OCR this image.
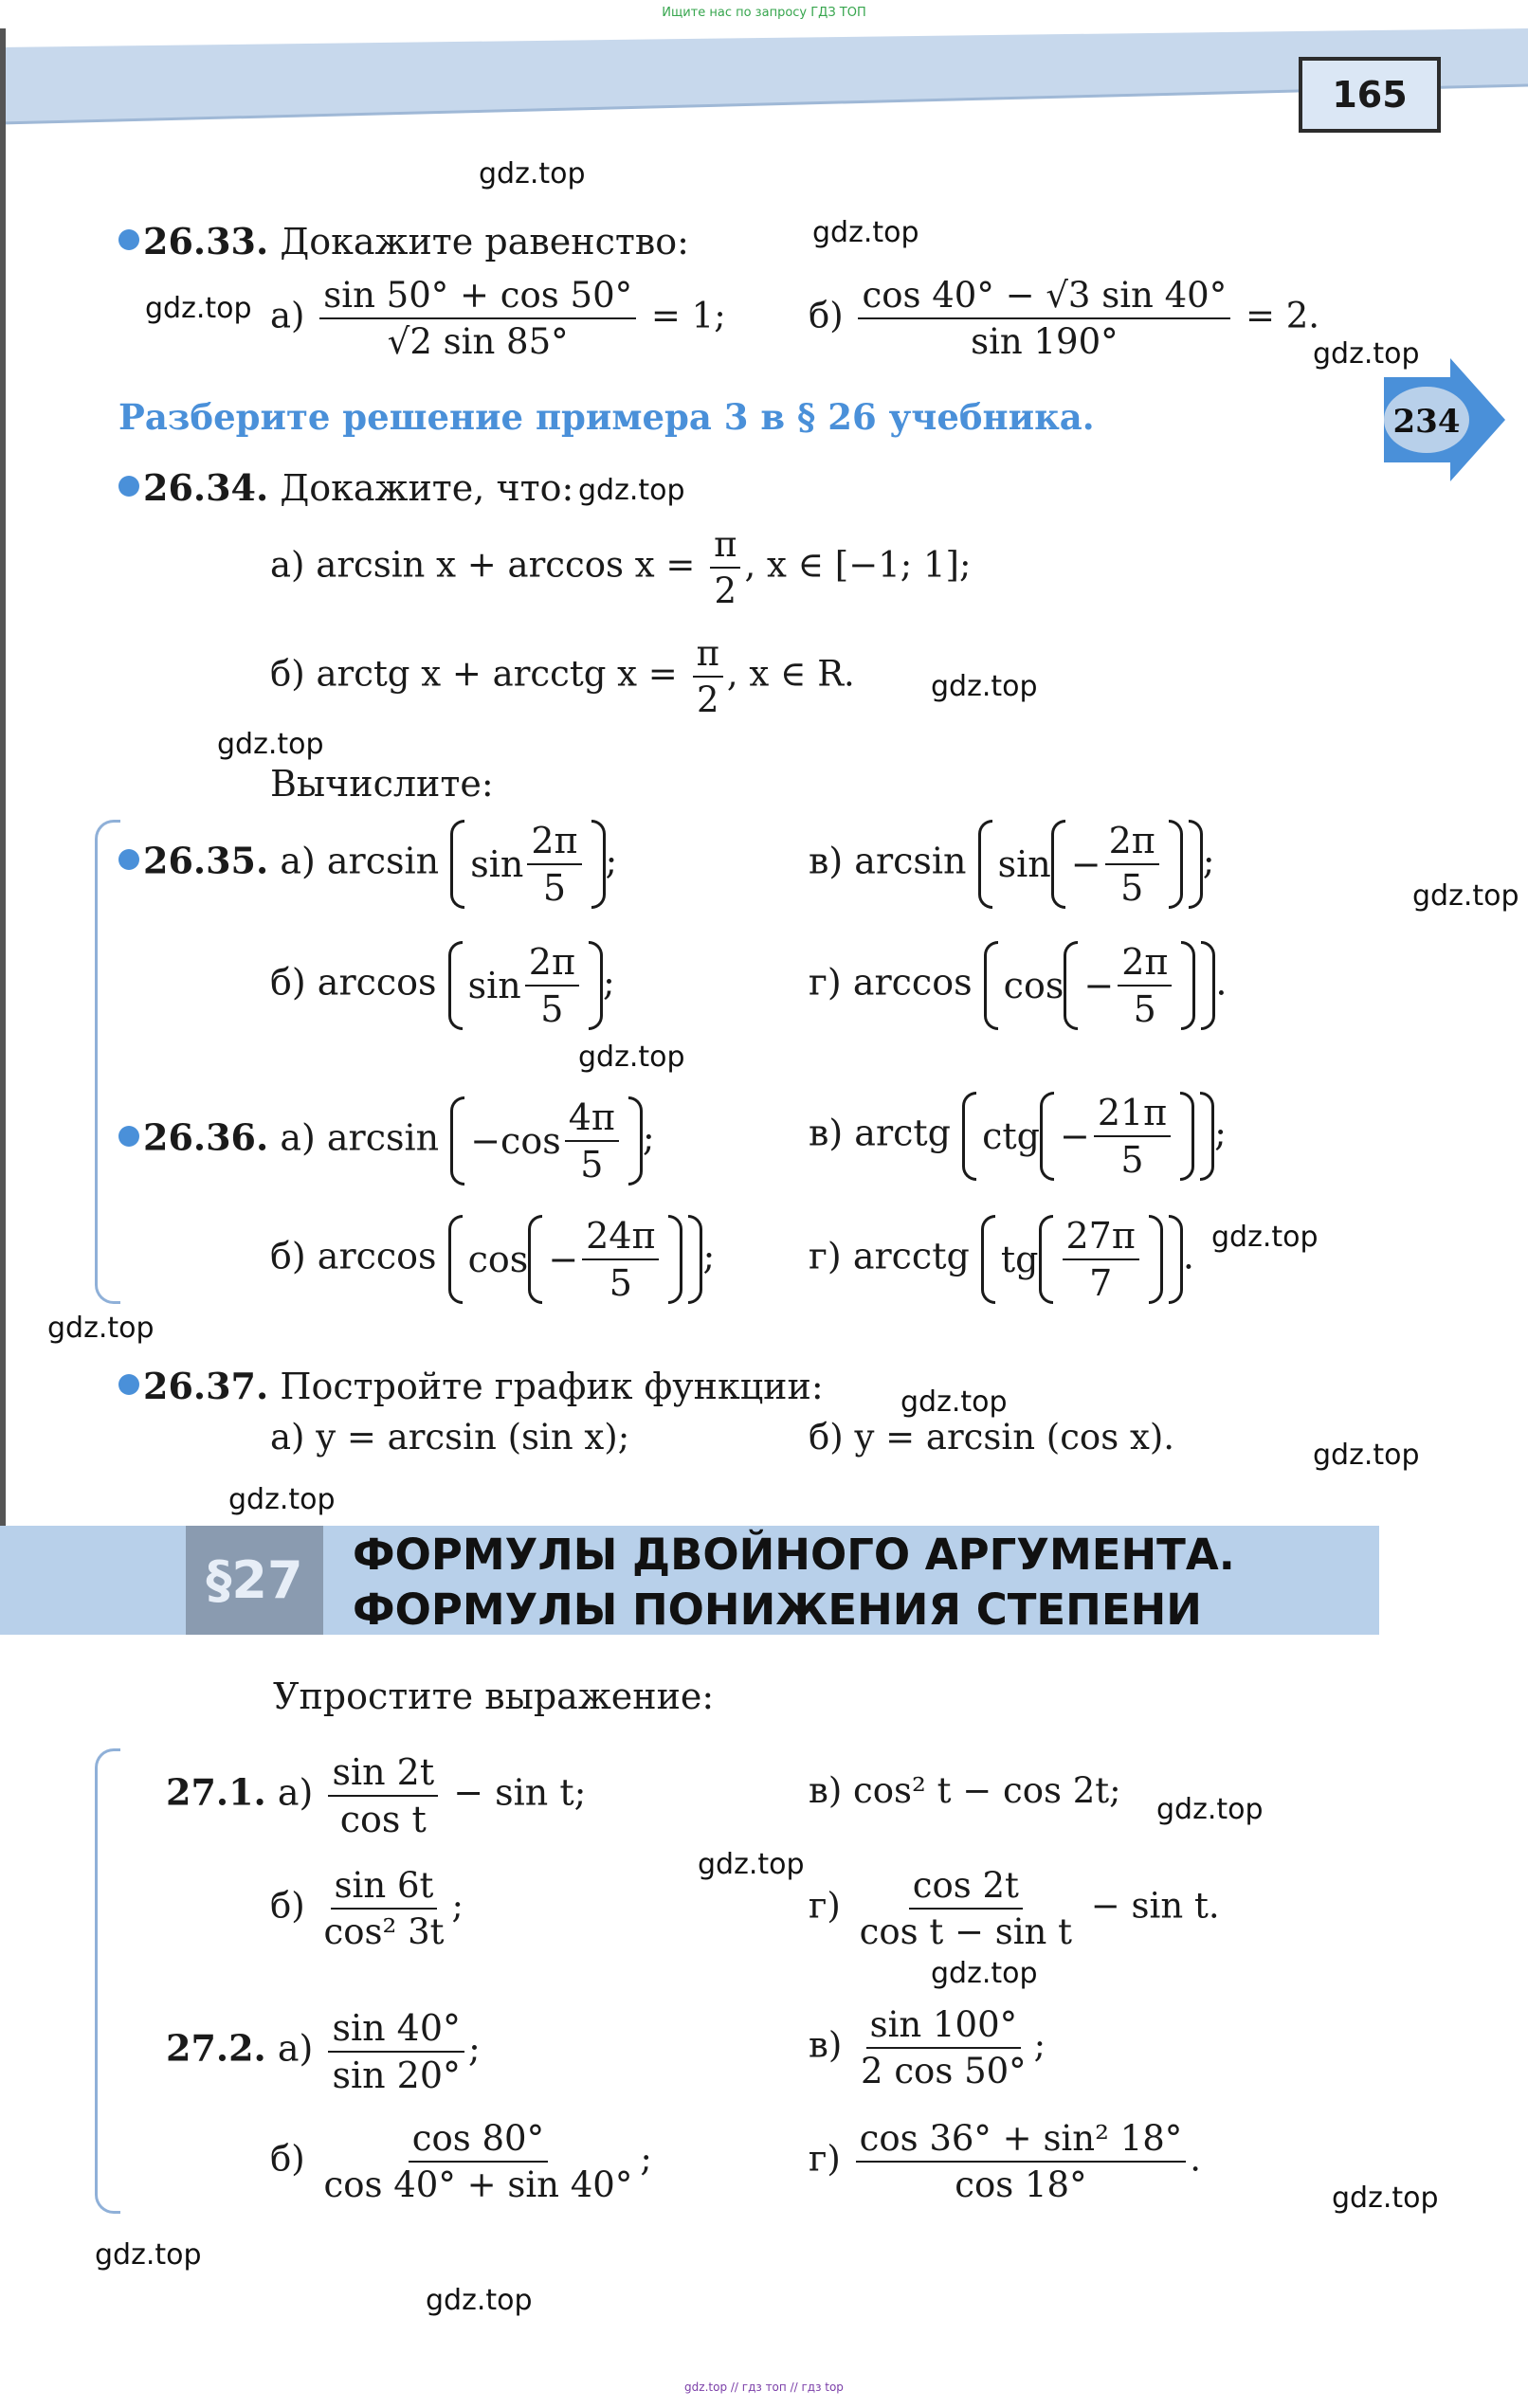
Ищите нас по запросу ГДЗ ТОП
165
gdz.top
gdz.top
gdz.top
gdz.top
gdz.top
gdz.top
gdz.top
gdz.top
gdz.top
gdz.top
gdz.top
gdz.top
gdz.top
gdz.top
gdz.top
gdz.top
gdz.top
gdz.top
gdz.top
gdz.top
26.33. Докажите равенство:
$а) \frac{\sin 50^\circ + \cos 50^\circ}{√2 \sin 85^\circ} = 1$; $б) \frac{\cos 40^\circ - √3 \sin 40^\circ}{\sin 190^\circ} = 2$.
Разберите решение примера 3 в § 26 учебника.	234
26.34. Докажите, что:
а) $\arcsin x + \arccos x = \frac{\pi}{2}$ , x ∈ [−1; 1];
б) arctg x + arcctg $x = \frac{\pi}{2}$ , x ∈ R.
Вычислите:
26.35. а) $\arcsin \sin \frac{2\pi}{5}$ ;	в) $\arcsin \sin - \frac{2\pi}{5}$ ;
б) $\arccos \sin \frac{2\pi}{5}$ ;	г) $\arccos \cos - \frac{2\pi}{5}$ .
26.36. а) $\arcsin -\cos \frac{4\pi}{5}$ ;	в) arctg ctg − $\frac{21\pi}{5}$ ;
б) $\arccos \cos - \frac{24\pi}{5}$ ;	г) arcctg tg $\frac{27\pi}{7}$ .
26.37. Постройте график функции:
а) y = arcsin (sin x);	б) y = arcsin (cos x).
§27 ФОРМУЛЫ ДВОЙНОГО АРГУМЕНТА.
ФОРМУЛЫ ПОНИЖЕНИЯ СТЕПЕНИ
Упростите выражение:
27.1. $а) \frac{\sin 2t}{\text{cos t}} - \sin t$;	в) cos² t − cos 2t;
$б) \frac{\sin 6t}{\text{cos² 3t}}$ ;	$г) \frac{\cos 2t}{\text{cos t − sin t}} - \sin t$.
27.2. $а) \frac{\sin 40^\circ}{\sin 20^\circ}$ ;	$в) \frac{\sin 100^\circ}{2 \cos 50^\circ}$ ;
$б) \frac{\cos 80^\circ}{\cos 40^\circ + \sin 40^\circ}$ ;	$г) \frac{\text{cos 36° + sin² 18°}}{\cos 18^\circ}$ .
gdz.top // гдз топ // гдз top
